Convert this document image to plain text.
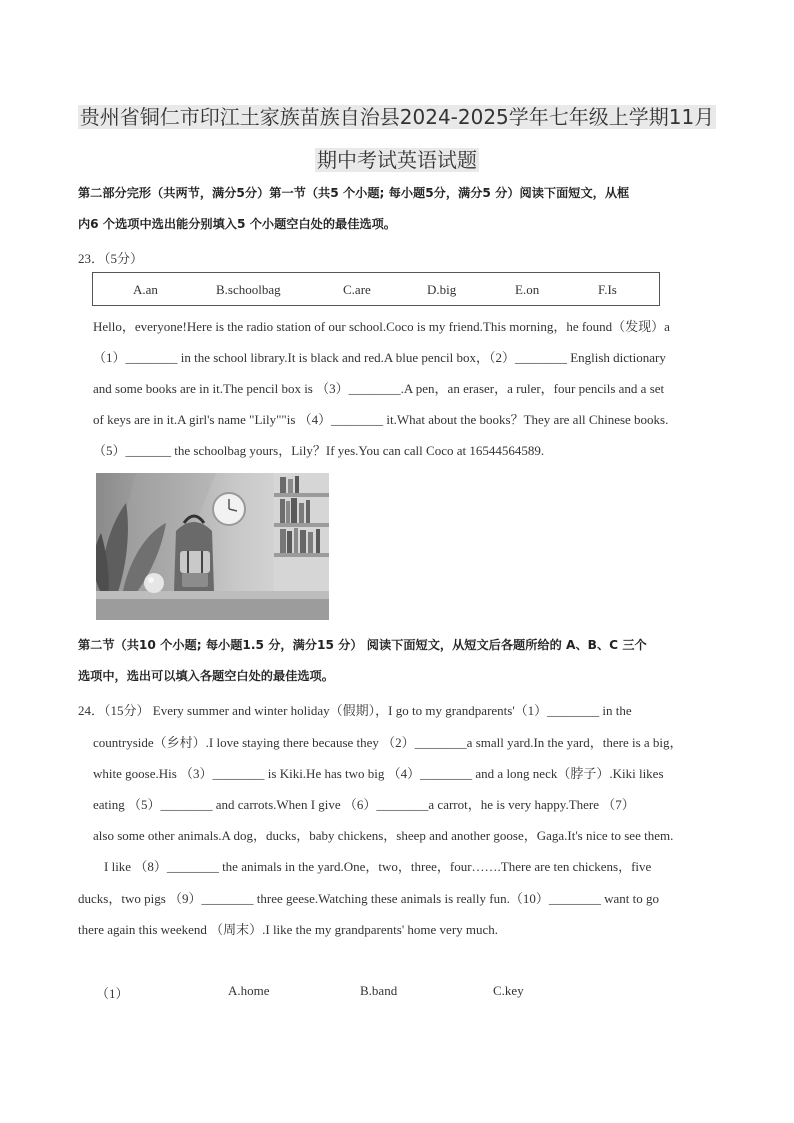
贵州省铜仁市印江土家族苗族自治县2024-2025学年七年级上学期11月
期中考试英语试题
第二部分完形（共两节，满分5分）第一节（共5 个小题; 每小题5分，满分5 分）阅读下面短文，从框
内6 个选项中选出能分别填入5 个小题空白处的最佳选项。
23．（5分）
A.an	B.schoolbag	C.are	D.big	E.on	F.Is
Hello，everyone!Here is the radio station of our school.Coco is my friend.This morning，he found（发现）a
（1）________ in the school library.It is black and red.A blue pencil box，（2）________ English dictionary
and some books are in it.The pencil box is （3）________.A pen，an eraser，a ruler，four pencils and a set
of keys are in it.A girl's name "Lily""is （4）________ it.What about the books？They are all Chinese books.
（5）_______ the schoolbag yours，Lily？If yes.You can call Coco at 16544564589.
第二节（共10 个小题; 每小题1.5 分，满分15 分） 阅读下面短文，从短文后各题所给的 A、B、C 三个
选项中，选出可以填入各题空白处的最佳选项。
24．（15分） Every summer and winter holiday（假期），I go to my grandparents'（1）________ in the
countryside（乡村）.I love staying there because they （2）________a small yard.In the yard，there is a big，
white goose.His （3）________ is Kiki.He has two big （4）________ and a long neck（脖子）.Kiki likes
eating （5）________ and carrots.When I give （6）________a carrot，he is very happy.There （7）
also some other animals.A dog，ducks，baby chickens，sheep and another goose，Gaga.It's nice to see them.
I like （8）________ the animals in the yard.One，two，three，four…….There are ten chickens，five
ducks，two pigs （9）________ three geese.Watching these animals is really fun.（10）________ want to go
there again this weekend （周末）.I like the my grandparents' home very much.
（1）	A.home	B.band	C.key
